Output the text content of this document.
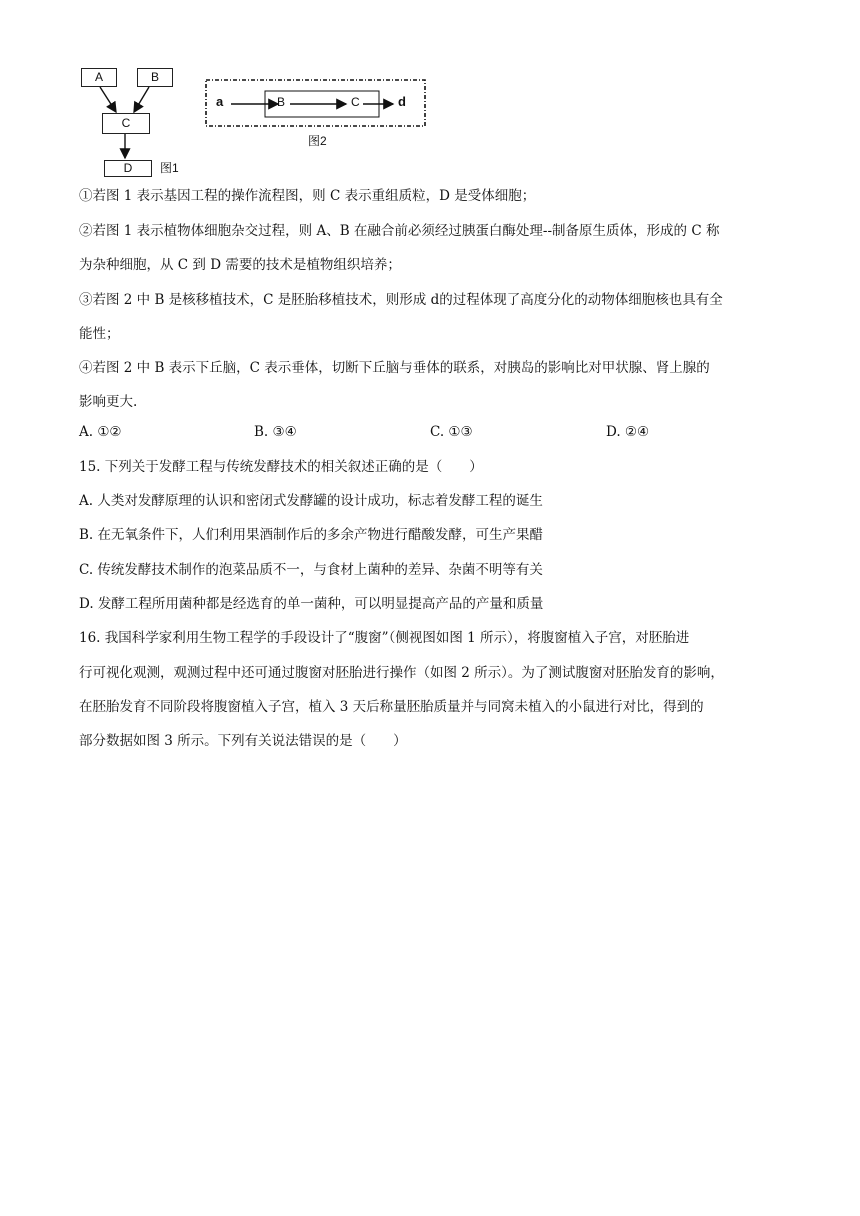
A	B
C
D	图1
a	B	C	d
图2
①若图 1 表示基因工程的操作流程图，则 C 表示重组质粒，D 是受体细胞；
②若图 1 表示植物体细胞杂交过程，则 A、B 在融合前必须经过胰蛋白酶处理--制备原生质体，形成的 C 称
为杂种细胞，从 C 到 D 需要的技术是植物组织培养；
③若图 2 中 B 是核移植技术，C 是胚胎移植技术，则形成 d的过程体现了高度分化的动物体细胞核也具有全
能性；
④若图 2 中 B 表示下丘脑，C 表示垂体，切断下丘脑与垂体的联系，对胰岛的影响比对甲状腺、肾上腺的
影响更大.
A. ①②	B. ③④	C. ①③	D. ②④
15. 下列关于发酵工程与传统发酵技术的相关叙述正确的是（　　）
A. 人类对发酵原理的认识和密闭式发酵罐的设计成功，标志着发酵工程的诞生
B. 在无氧条件下，人们利用果酒制作后的多余产物进行醋酸发酵，可生产果醋
C. 传统发酵技术制作的泡菜品质不一，与食材上菌种的差异、杂菌不明等有关
D. 发酵工程所用菌种都是经选育的单一菌种，可以明显提高产品的产量和质量
16. 我国科学家利用生物工程学的手段设计了“腹窗”（侧视图如图 1 所示），将腹窗植入子宫，对胚胎进
行可视化观测，观测过程中还可通过腹窗对胚胎进行操作（如图 2 所示）。为了测试腹窗对胚胎发育的影响，
在胚胎发育不同阶段将腹窗植入子宫，植入 3 天后称量胚胎质量并与同窝未植入的小鼠进行对比，得到的
部分数据如图 3 所示。下列有关说法错误的是（　　）
